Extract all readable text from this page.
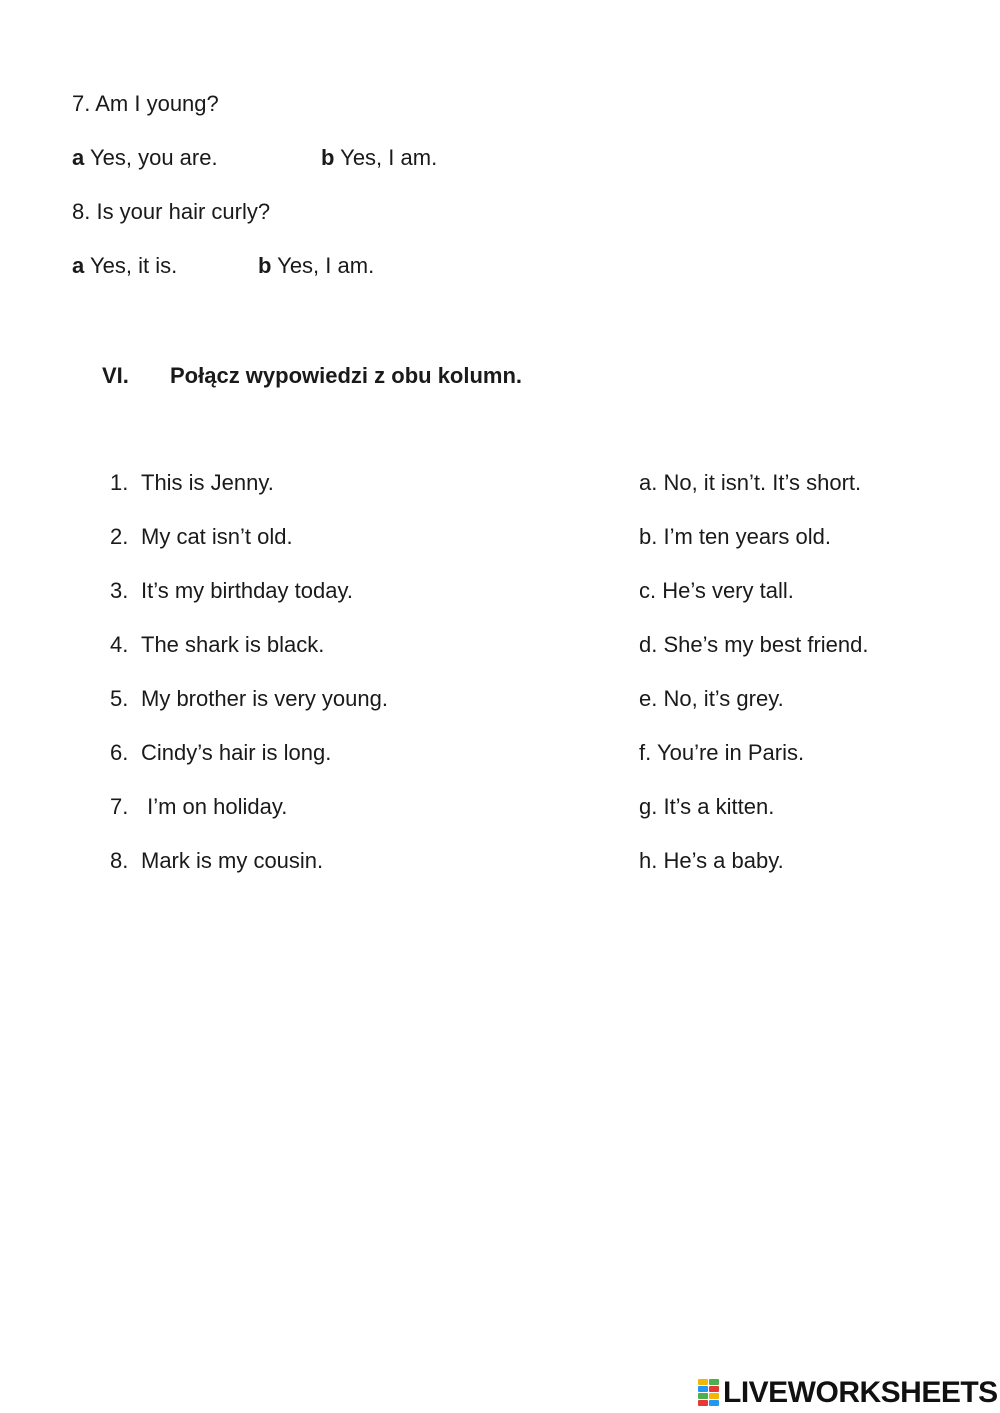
7. Am I young?
a Yes, you are.	b Yes, I am.
8. Is your hair curly?
a Yes, it is.	b Yes, I am.
VI. Połącz wypowiedzi z obu kolumn.
1. This is Jenny.
2. My cat isn’t old.
3. It’s my birthday today.
4. The shark is black.
5. My brother is very young.
6. Cindy’s hair is long.
7. I’m on holiday.
8. Mark is my cousin.
a. No, it isn’t. It’s short.
b. I’m ten years old.
c. He’s very tall.
d. She’s my best friend.
e. No, it’s grey.
f. You’re in Paris.
g. It’s a kitten.
h. He’s a baby.
LIVEWORKSHEETS
